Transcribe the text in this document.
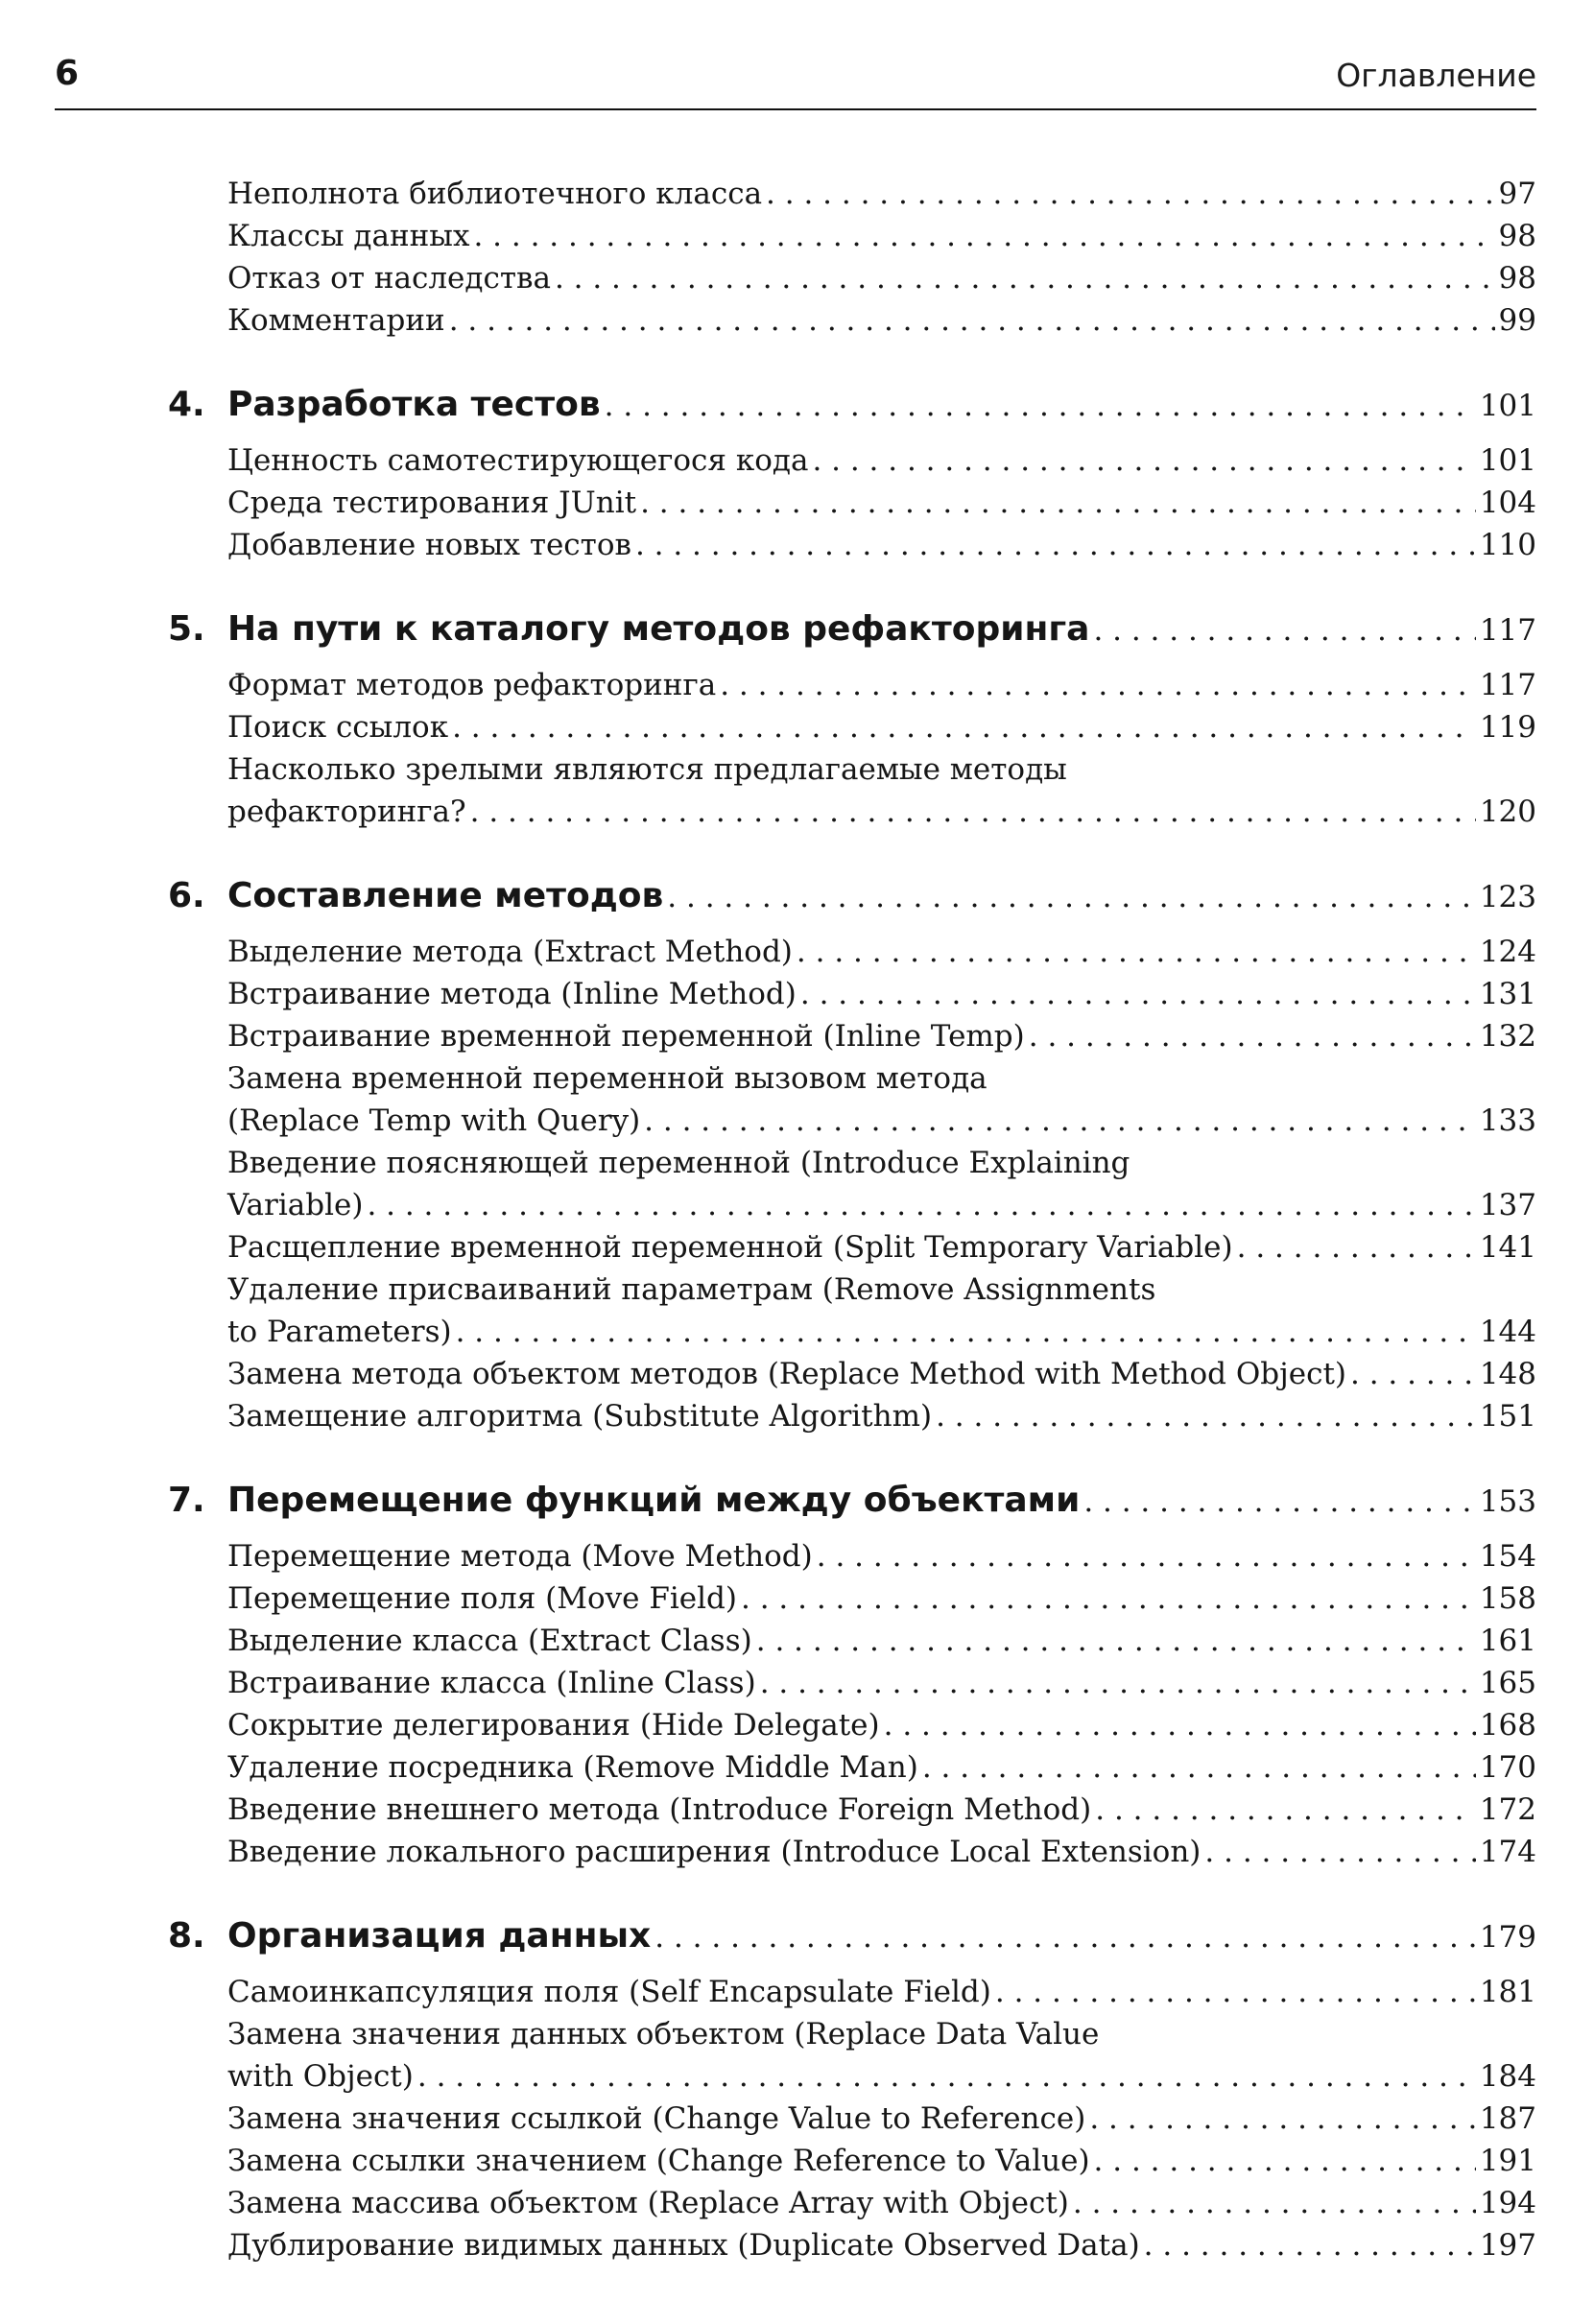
6	Оглавление
Неполнота библиотечного класса . . .	97
Классы данных . . .	98
Отказ от наследства . . .	98
Комментарии . . .	99
4. Разработка тестов . . .	101
Ценность самотестирующегося кода . . .	101
Среда тестирования JUnit . . .	104
Добавление новых тестов . . .	110
5. На пути к каталогу методов рефакторинга . . .	117
Формат методов рефакторинга . . .	117
Поиск ссылок . . .	119
Насколько зрелыми являются предлагаемые методы
рефакторинга? . . .	120
6. Составление методов . . .	123
Выделение метода (Extract Method) . . .	124
Встраивание метода (Inline Method) . . .	131
Встраивание временной переменной (Inline Temp) . . .	132
Замена временной переменной вызовом метода
(Replace Temp with Query) . . .	133
Введение поясняющей переменной (Introduce Explaining
Variable) . . .	137
Расщепление временной переменной (Split Temporary Variable) . . .	141
Удаление присваиваний параметрам (Remove Assignments
to Parameters) . . .	144
Замена метода объектом методов (Replace Method with Method Object) . . .	148
Замещение алгоритма (Substitute Algorithm) . . .	151
7. Перемещение функций между объектами . . .	153
Перемещение метода (Move Method) . . .	154
Перемещение поля (Move Field) . . .	158
Выделение класса (Extract Class) . . .	161
Встраивание класса (Inline Class) . . .	165
Сокрытие делегирования (Hide Delegate) . . .	168
Удаление посредника (Remove Middle Man) . . .	170
Введение внешнего метода (Introduce Foreign Method) . . .	172
Введение локального расширения (Introduce Local Extension) . . .	174
8. Организация данных . . .	179
Самоинкапсуляция поля (Self Encapsulate Field) . . .	181
Замена значения данных объектом (Replace Data Value
with Object) . . .	184
Замена значения ссылкой (Change Value to Reference) . . .	187
Замена ссылки значением (Change Reference to Value) . . .	191
Замена массива объектом (Replace Array with Object) . . .	194
Дублирование видимых данных (Duplicate Observed Data) . . .	197
